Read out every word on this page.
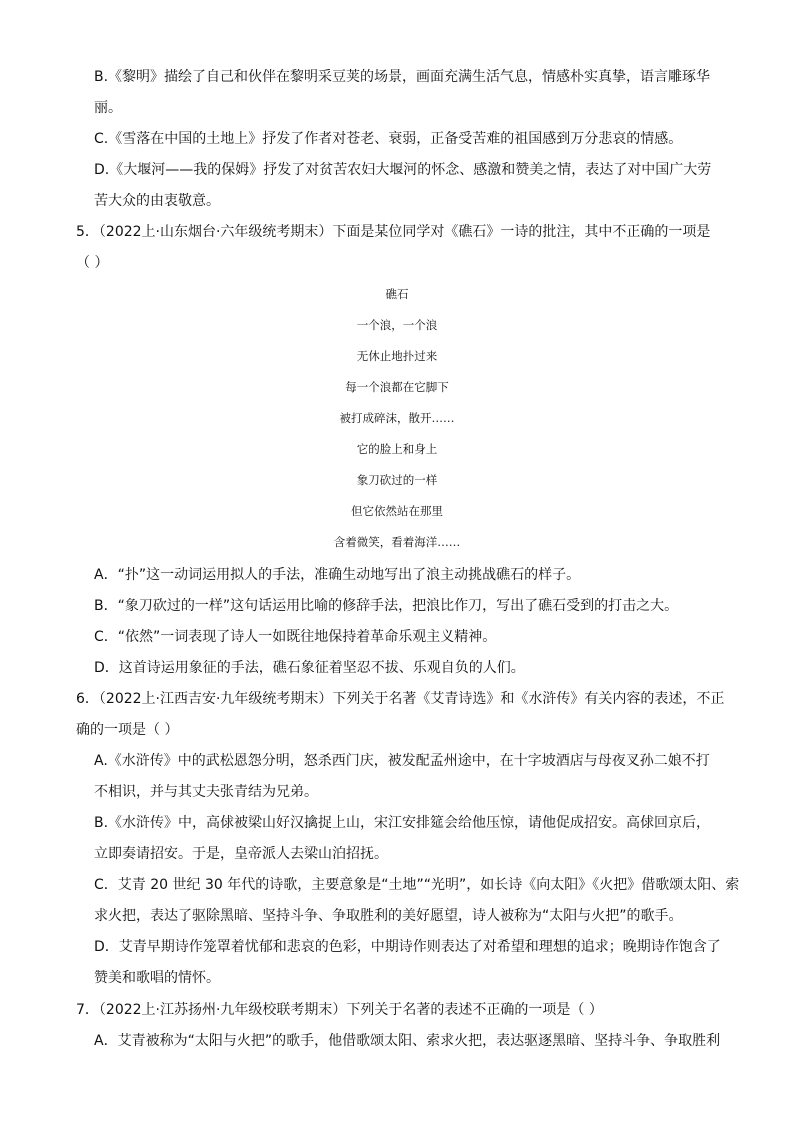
B.《黎明》描绘了自己和伙伴在黎明采豆荚的场景，画面充满生活气息，情感朴实真挚，语言雕琢华
丽。
C.《雪落在中国的土地上》抒发了作者对苍老、衰弱，正备受苦难的祖国感到万分悲哀的情感。
D.《大堰河——我的保姆》抒发了对贫苦农妇大堰河的怀念、感激和赞美之情，表达了对中国广大劳
苦大众的由衷敬意。
5．（2022上·山东烟台·六年级统考期末）下面是某位同学对《礁石》一诗的批注，其中不正确的一项是
（ ）
礁石
一个浪，一个浪
无休止地扑过来
每一个浪都在它脚下
被打成碎沫，散开……
它的脸上和身上
象刀砍过的一样
但它依然站在那里
含着微笑，看着海洋……
A．“扑”这一动词运用拟人的手法，准确生动地写出了浪主动挑战礁石的样子。
B．“象刀砍过的一样”这句话运用比喻的修辞手法，把浪比作刀，写出了礁石受到的打击之大。
C．“依然”一词表现了诗人一如既往地保持着革命乐观主义精神。
D．这首诗运用象征的手法，礁石象征着坚忍不拔、乐观自负的人们。
6．（2022上·江西吉安·九年级统考期末）下列关于名著《艾青诗选》和《水浒传》有关内容的表述，不正
确的一项是（ ）
A.《水浒传》中的武松恩怨分明，怒杀西门庆，被发配孟州途中，在十字坡酒店与母夜叉孙二娘不打
不相识，并与其丈夫张青结为兄弟。
B.《水浒传》中，高俅被梁山好汉擒捉上山，宋江安排筵会给他压惊，请他促成招安。高俅回京后，
立即奏请招安。于是，皇帝派人去梁山泊招抚。
C．艾青 20 世纪 30 年代的诗歌，主要意象是“土地”“光明”，如长诗《向太阳》《火把》借歌颂太阳、索
求火把，表达了驱除黑暗、坚持斗争、争取胜利的美好愿望，诗人被称为“太阳与火把”的歌手。
D．艾青早期诗作笼罩着忧郁和悲哀的色彩，中期诗作则表达了对希望和理想的追求；晚期诗作饱含了
赞美和歌唱的情怀。
7．（2022上·江苏扬州·九年级校联考期末）下列关于名著的表述不正确的一项是（ ）
A．艾青被称为“太阳与火把”的歌手，他借歌颂太阳、索求火把，表达驱逐黑暗、坚持斗争、争取胜利
